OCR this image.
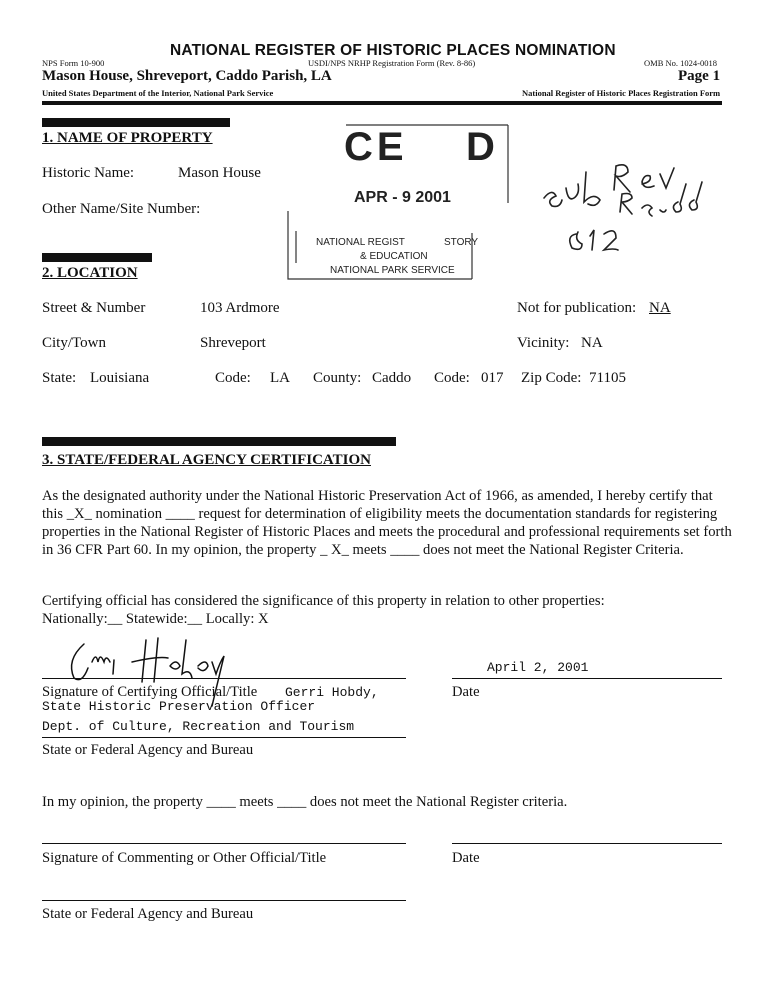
NATIONAL REGISTER OF HISTORIC PLACES NOMINATION
NPS Form 10-900	USDI/NPS NRHP Registration Form (Rev. 8-86)	OMB No. 1024-0018
Mason House, Shreveport, Caddo Parish, LA	Page 1
United States Department of the Interior, National Park Service	National Register of Historic Places Registration Form
CE D
APR - 9 2001
NATIONAL REGIST	STORY
& EDUCATION
NATIONAL PARK SERVICE
1. NAME OF PROPERTY
Historic Name:	Mason House
Other Name/Site Number:
2. LOCATION
Street & Number	103 Ardmore	Not for publication: NA
City/Town	Shreveport	Vicinity: NA
State: Louisiana	Code: LA County: Caddo Code: 017 Zip Code: 71105
3. STATE/FEDERAL AGENCY CERTIFICATION
As the designated authority under the National Historic Preservation Act of 1966, as amended, I hereby certify that this _X_ nomination ____ request for determination of eligibility meets the documentation standards for registering properties in the National Register of Historic Places and meets the procedural and professional requirements set forth in 36 CFR Part 60. In my opinion, the property _ X_ meets ____ does not meet the National Register Criteria.
Certifying official has considered the significance of this property in relation to other properties:
Nationally:__ Statewide:__ Locally: X
April 2, 2001
Signature of Certifying Official/Title Gerri Hobdy,
State Historic Preservation Officer
Date
Dept. of Culture, Recreation and Tourism
State or Federal Agency and Bureau
In my opinion, the property ____ meets ____ does not meet the National Register criteria.
Signature of Commenting or Other Official/Title	Date
State or Federal Agency and Bureau
